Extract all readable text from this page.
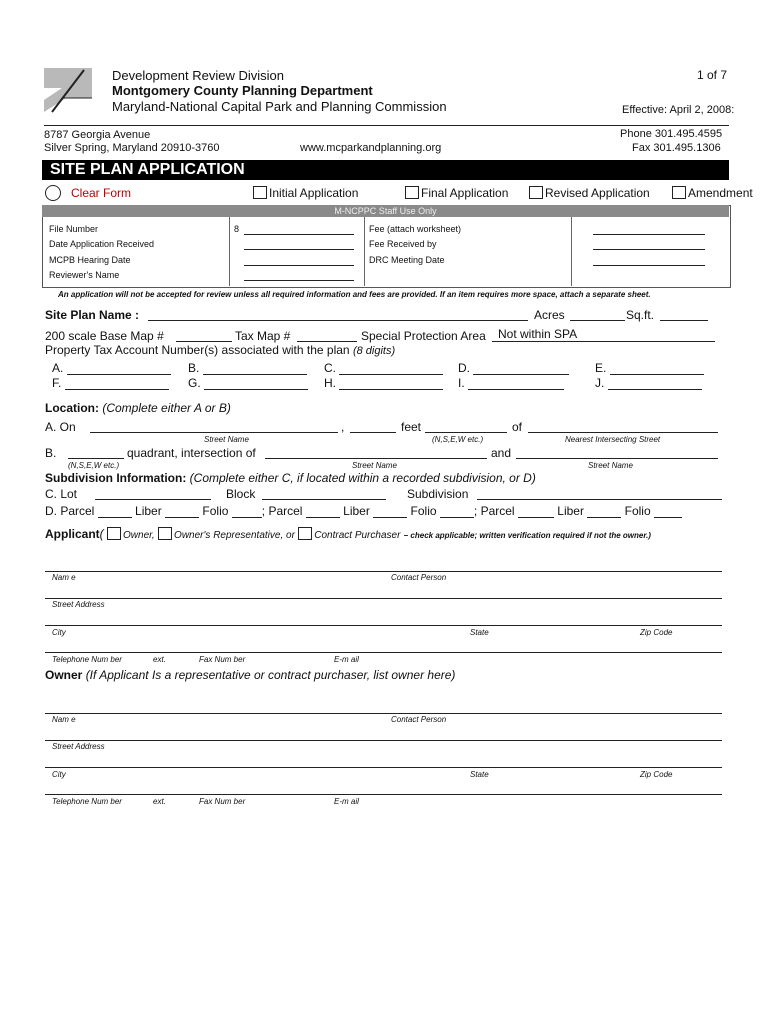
Development Review Division
Montgomery County Planning Department
Maryland-National Capital Park and Planning Commission
1 of 7
Effective: April 2, 2008:
8787 Georgia Avenue
Silver Spring, Maryland 20910-3760	www.mcparkandplanning.org
Phone 301.495.4595
Fax 301.495.1306
SITE PLAN APPLICATION
Clear Form	Initial Application	Final Application	Revised Application	Amendment
M-NCPPC Staff Use Only
File Number
Date Application Received
MCPB Hearing Date
Reviewer's Name
8	Fee (attach worksheet)
Fee Received by
DRC Meeting Date
An application will not be accepted for review unless all required information and fees are provided. If an item requires more space, attach a separate sheet.
Site Plan Name :	Acres	Sq.ft.
200 scale Base Map #	Tax Map #	Special Protection Area Not within SPA
Property Tax Account Number(s) associated with the plan (8 digits)
A.	B.	C.	D.	E.
F.	G.	H.	I.	J.
Location: (Complete either A or B)
A. On	,	feet	of
Street Name	(N,S,E,W etc.)	Nearest Intersecting Street
B.	quadrant, intersection of	and
(N,S,E,W etc.)	Street Name	Street Name
Subdivision Information: (Complete either C, if located within a recorded subdivision, or D)
C. Lot	Block	Subdivision
D. Parcel	Liber	Folio	; Parcel	Liber	Folio	; Parcel	Liber	Folio
Applicant( Owner, Owner's Representative, or Contract Purchaser – check applicable; written verification required if not the owner.)
Nam e	Contact Person
Street Address
City	State	Zip Code
Telephone Num ber	ext.	Fax Num ber	E-m ail
Owner (If Applicant Is a representative or contract purchaser, list owner here)
Nam e	Contact Person
Street Address
City	State	Zip Code
Telephone Num ber	ext.	Fax Num ber	E-m ail
